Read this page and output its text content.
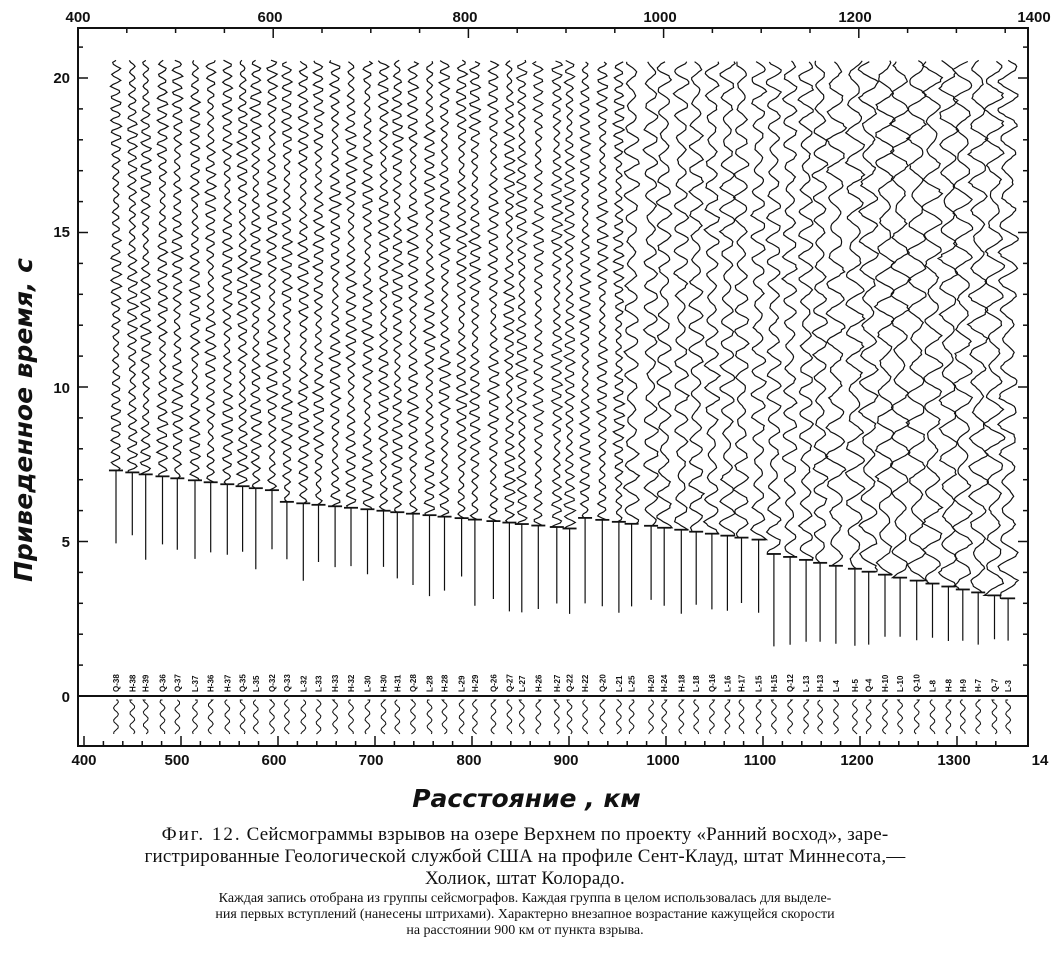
Q-38 H-38 H-39 Q-36 Q-37 L-37 H-36 H-37 Q-35 L-35 Q-32 Q-33 L-32 L-33 H-33 H-32 L-30 H-30 H-31 Q-28 L-28 H-28 L-29 H-29 Q-26 Q-27 L-27 H-26 H-27 Q-22 H-22 Q-20 L-21 L-25 H-20 H-24 H-18 L-18 Q-16 L-16 H-17 L-15 H-15 Q-12 L-13 H-13 L-4 H-5 Q-4 H-10 L-10 Q-10 L-8 H-8 H-9 H-7 Q-7 L-3
400	600	800	1000	1200	1400
400	500	600	700	800	900	1000	1100	1200	1300	14
20
15
10
5
0
Приведенное время, с
Расстояние , км
Фиг. 12. Сейсмограммы взрывов на озере Верхнем по проекту «Ранний восход», заре-
гистрированные Геологической службой США на профиле Сент-Клауд, штат Миннесота,—
Холиок, штат Колорадо.
Каждая запись отобрана из группы сейсмографов. Каждая группа в целом использовалась для выделе-
ния первых вступлений (нанесены штрихами). Характерно внезапное возрастание кажущейся скорости
на расстоянии 900 км от пункта взрыва.
